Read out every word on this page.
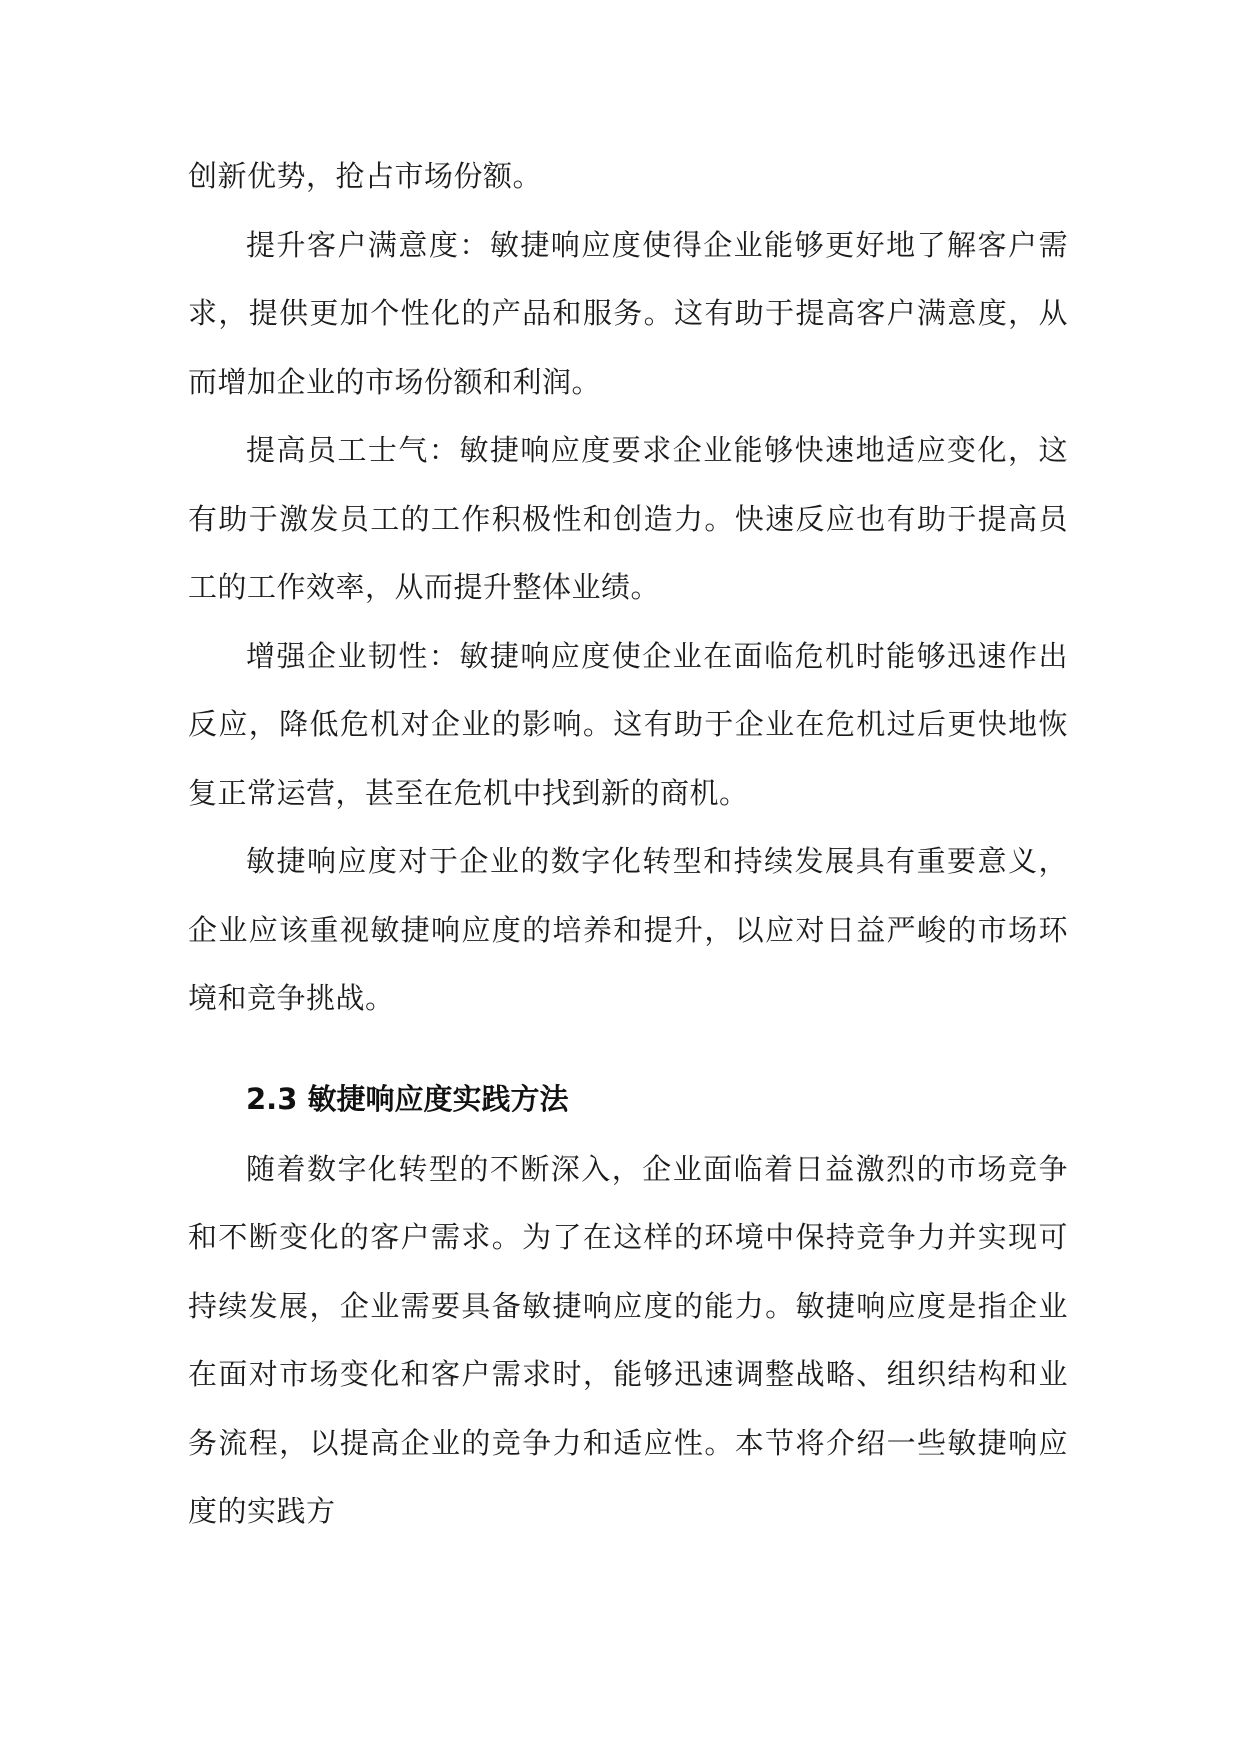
创新优势，抢占市场份额。

提升客户满意度：敏捷响应度使得企业能够更好地了解客户需求，提供更加个性化的产品和服务。这有助于提高客户满意度，从而增加企业的市场份额和利润。

提高员工士气：敏捷响应度要求企业能够快速地适应变化，这有助于激发员工的工作积极性和创造力。快速反应也有助于提高员工的工作效率，从而提升整体业绩。

增强企业韧性：敏捷响应度使企业在面临危机时能够迅速作出反应，降低危机对企业的影响。这有助于企业在危机过后更快地恢复正常运营，甚至在危机中找到新的商机。

敏捷响应度对于企业的数字化转型和持续发展具有重要意义，企业应该重视敏捷响应度的培养和提升，以应对日益严峻的市场环境和竞争挑战。

2.3 敏捷响应度实践方法

随着数字化转型的不断深入，企业面临着日益激烈的市场竞争和不断变化的客户需求。为了在这样的环境中保持竞争力并实现可持续发展，企业需要具备敏捷响应度的能力。敏捷响应度是指企业在面对市场变化和客户需求时，能够迅速调整战略、组织结构和业务流程，以提高企业的竞争力和适应性。本节将介绍一些敏捷响应度的实践方
